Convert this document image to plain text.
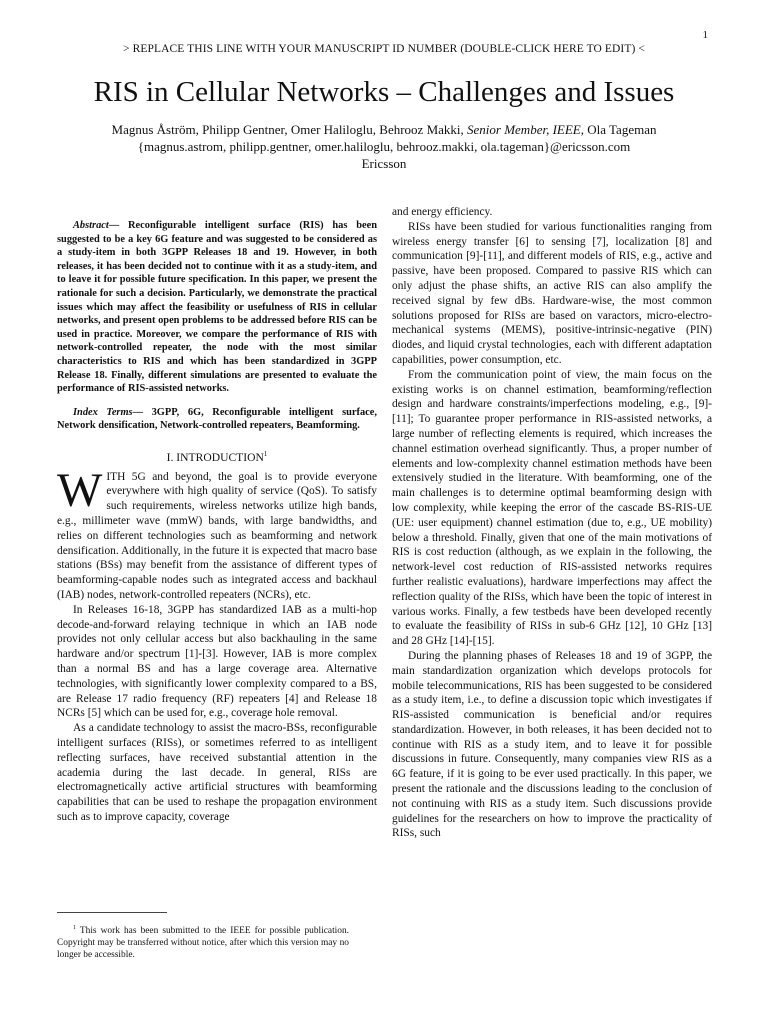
1
> REPLACE THIS LINE WITH YOUR MANUSCRIPT ID NUMBER (DOUBLE-CLICK HERE TO EDIT) <
RIS in Cellular Networks – Challenges and Issues
Magnus Åström, Philipp Gentner, Omer Haliloglu, Behrooz Makki, Senior Member, IEEE, Ola Tageman
{magnus.astrom, philipp.gentner, omer.haliloglu, behrooz.makki, ola.tageman}@ericsson.com
Ericsson

Abstract— Reconfigurable intelligent surface (RIS) has been suggested to be a key 6G feature and was suggested to be considered as a study-item in both 3GPP Releases 18 and 19. However, in both releases, it has been decided not to continue with it as a study-item, and to leave it for possible future specification. In this paper, we present the rationale for such a decision. Particularly, we demonstrate the practical issues which may affect the feasibility or usefulness of RIS in cellular networks, and present open problems to be addressed before RIS can be used in practice. Moreover, we compare the performance of RIS with network-controlled repeater, the node with the most similar characteristics to RIS and which has been standardized in 3GPP Release 18. Finally, different simulations are presented to evaluate the performance of RIS-assisted networks.

Index Terms— 3GPP, 6G, Reconfigurable intelligent surface, Network densification, Network-controlled repeaters, Beamforming.

I. INTRODUCTION$^1$

WITH 5G and beyond, the goal is to provide everyone everywhere with high quality of service (QoS). To satisfy such requirements, wireless networks utilize high bands, e.g., millimeter wave (mmW) bands, with large bandwidths, and relies on different technologies such as beamforming and network densification. Additionally, in the future it is expected that macro base stations (BSs) may benefit from the assistance of different types of beamforming-capable nodes such as integrated access and backhaul (IAB) nodes, network-controlled repeaters (NCRs), etc.

In Releases 16-18, 3GPP has standardized IAB as a multi-hop decode-and-forward relaying technique in which an IAB node provides not only cellular access but also backhauling in the same hardware and/or spectrum [1]-[3]. However, IAB is more complex than a normal BS and has a large coverage area. Alternative technologies, with significantly lower complexity compared to a BS, are Release 17 radio frequency (RF) repeaters [4] and Release 18 NCRs [5] which can be used for, e.g., coverage hole removal.

As a candidate technology to assist the macro-BSs, reconfigurable intelligent surfaces (RISs), or sometimes referred to as intelligent reflecting surfaces, have received substantial attention in the academia during the last decade. In general, RISs are electromagnetically active artificial structures with beamforming capabilities that can be used to reshape the propagation environment such as to improve capacity, coverage

and energy efficiency.

RISs have been studied for various functionalities ranging from wireless energy transfer [6] to sensing [7], localization [8] and communication [9]-[11], and different models of RIS, e.g., active and passive, have been proposed. Compared to passive RIS which can only adjust the phase shifts, an active RIS can also amplify the received signal by few dBs. Hardware-wise, the most common solutions proposed for RISs are based on varactors, micro-electro-mechanical systems (MEMS), positive-intrinsic-negative (PIN) diodes, and liquid crystal technologies, each with different adaptation capabilities, power consumption, etc.

From the communication point of view, the main focus on the existing works is on channel estimation, beamforming/reflection design and hardware constraints/imperfections modeling, e.g., [9]-[11]; To guarantee proper performance in RIS-assisted networks, a large number of reflecting elements is required, which increases the channel estimation overhead significantly. Thus, a proper number of elements and low-complexity channel estimation methods have been extensively studied in the literature. With beamforming, one of the main challenges is to determine optimal beamforming design with low complexity, while keeping the error of the cascade BS-RIS-UE (UE: user equipment) channel estimation (due to, e.g., UE mobility) below a threshold. Finally, given that one of the main motivations of RIS is cost reduction (although, as we explain in the following, the network-level cost reduction of RIS-assisted networks requires further realistic evaluations), hardware imperfections may affect the reflection quality of the RISs, which have been the topic of interest in various works. Finally, a few testbeds have been developed recently to evaluate the feasibility of RISs in sub-6 GHz [12], 10 GHz [13] and 28 GHz [14]-[15].

During the planning phases of Releases 18 and 19 of 3GPP, the main standardization organization which develops protocols for mobile telecommunications, RIS has been suggested to be considered as a study item, i.e., to define a discussion topic which investigates if RIS-assisted communication is beneficial and/or requires standardization. However, in both releases, it has been decided not to continue with RIS as a study item, and to leave it for possible discussions in future. Consequently, many companies view RIS as a 6G feature, if it is going to be ever used practically. In this paper, we present the rationale and the discussions leading to the conclusion of not continuing with RIS as a study item. Such discussions provide guidelines for the researchers on how to improve the practicality of RISs, such

$^1$ This work has been submitted to the IEEE for possible publication. Copyright may be transferred without notice, after which this version may no longer be accessible.
